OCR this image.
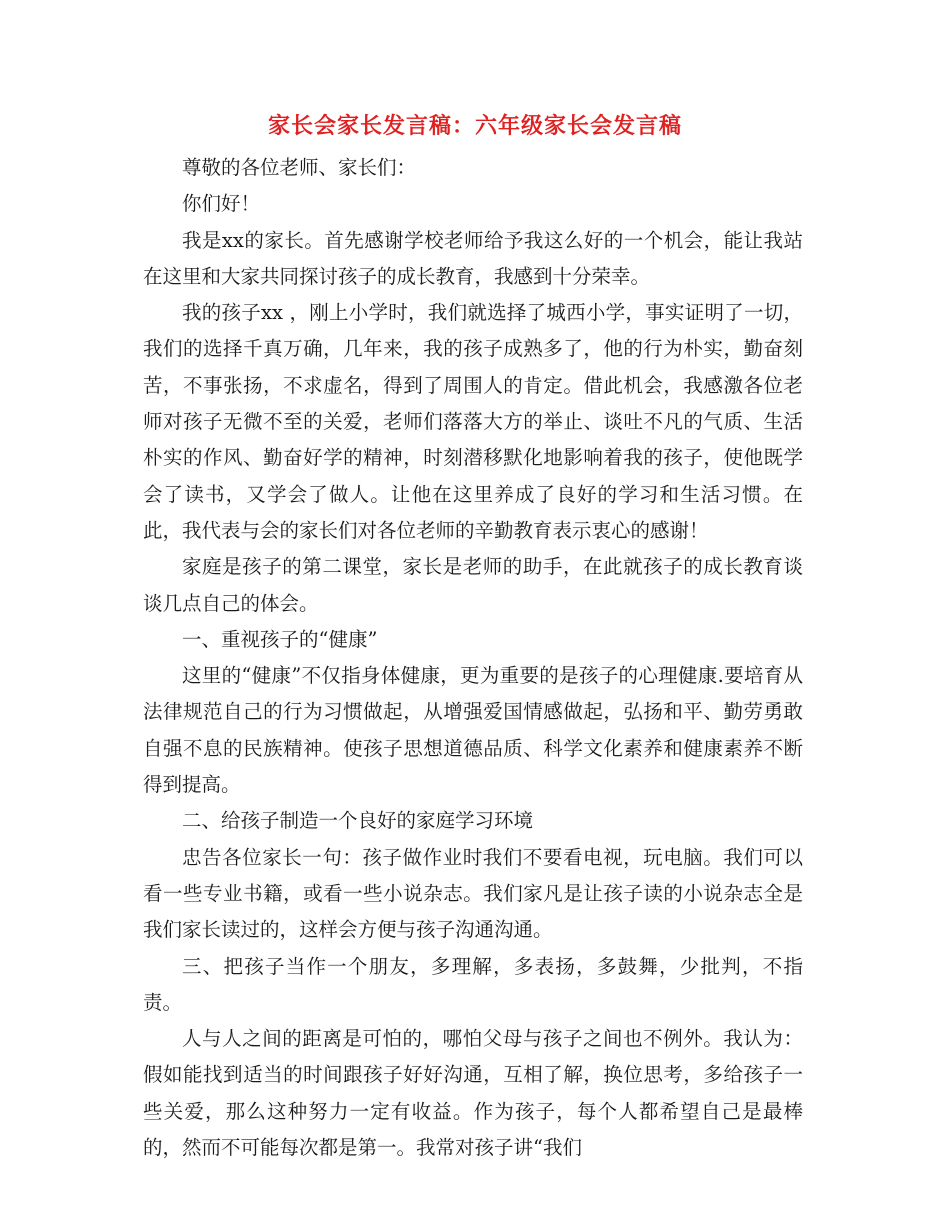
家长会家长发言稿：六年级家长会发言稿

尊敬的各位老师、家长们：

你们好！

我是xx的家长。首先感谢学校老师给予我这么好的一个机会，能让我站在这里和大家共同探讨孩子的成长教育，我感到十分荣幸。

我的孩子xx ，刚上小学时，我们就选择了城西小学，事实证明了一切，我们的选择千真万确，几年来，我的孩子成熟多了，他的行为朴实，勤奋刻苦，不事张扬，不求虚名，得到了周围人的肯定。借此机会，我感激各位老师对孩子无微不至的关爱，老师们落落大方的举止、谈吐不凡的气质、生活朴实的作风、勤奋好学的精神，时刻潜移默化地影响着我的孩子，使他既学会了读书，又学会了做人。让他在这里养成了良好的学习和生活习惯。在此，我代表与会的家长们对各位老师的辛勤教育表示衷心的感谢！

家庭是孩子的第二课堂，家长是老师的助手，在此就孩子的成长教育谈谈几点自己的体会。

一、重视孩子的“健康”

这里的“健康”不仅指身体健康，更为重要的是孩子的心理健康.要培育从法律规范自己的行为习惯做起，从增强爱国情感做起，弘扬和平、勤劳勇敢自强不息的民族精神。使孩子思想道德品质、科学文化素养和健康素养不断得到提高。

二、给孩子制造一个良好的家庭学习环境

忠告各位家长一句：孩子做作业时我们不要看电视，玩电脑。我们可以看一些专业书籍，或看一些小说杂志。我们家凡是让孩子读的小说杂志全是我们家长读过的，这样会方便与孩子沟通沟通。

三、把孩子当作一个朋友，多理解，多表扬，多鼓舞，少批判，不指责。

人与人之间的距离是可怕的，哪怕父母与孩子之间也不例外。我认为：假如能找到适当的时间跟孩子好好沟通，互相了解，换位思考，多给孩子一些关爱，那么这种努力一定有收益。作为孩子，每个人都希望自己是最棒的，然而不可能每次都是第一。我常对孩子讲“我们
